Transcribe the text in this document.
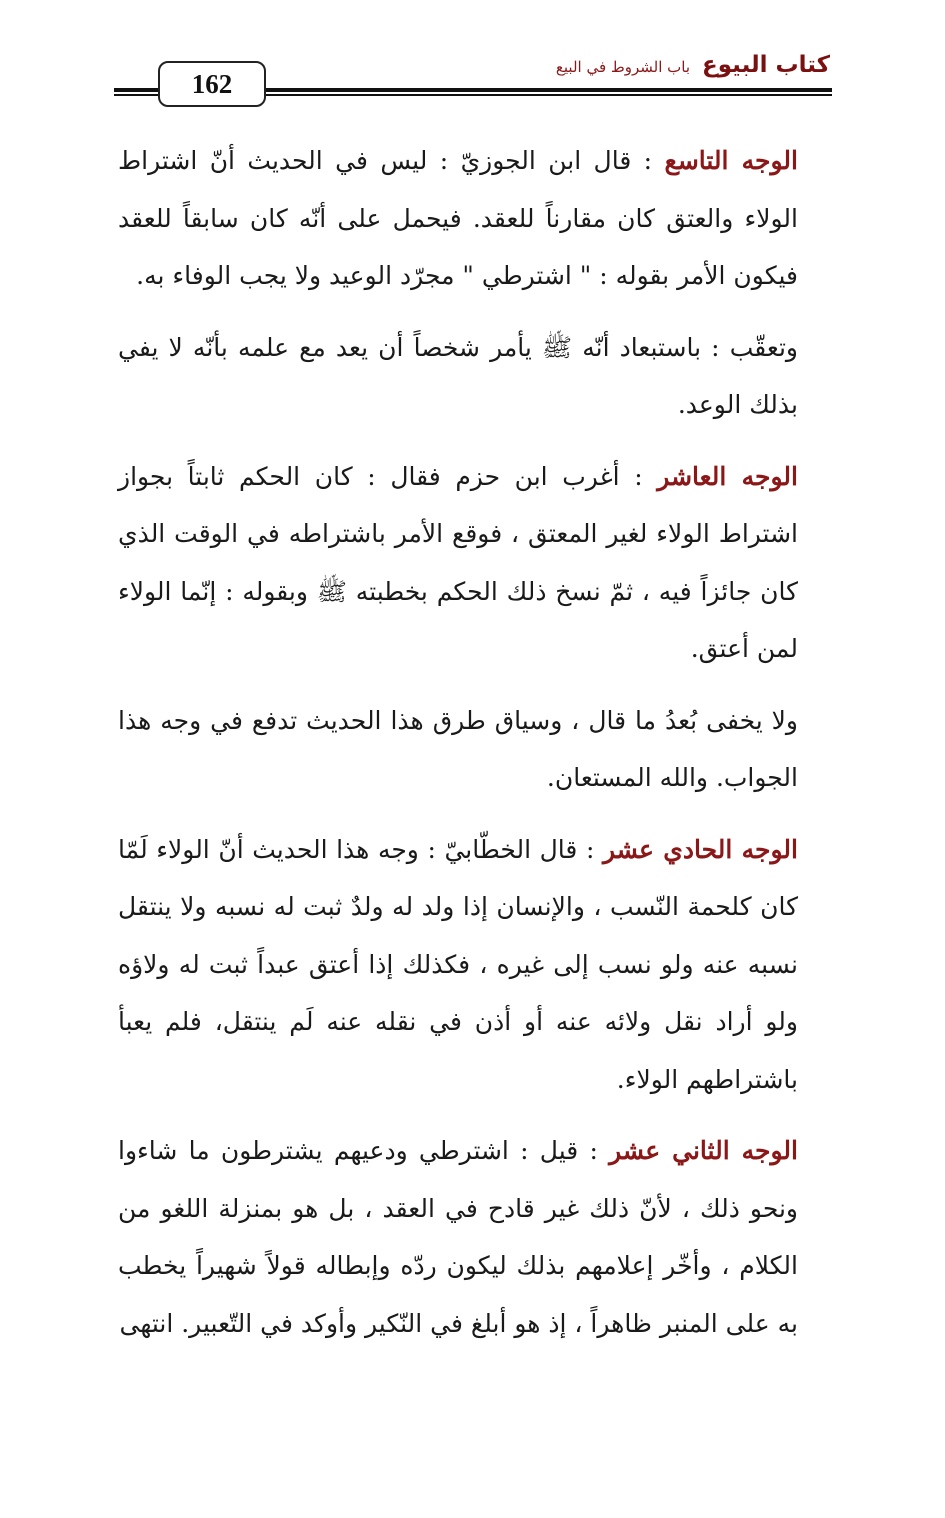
162
كتاب البيوع
باب الشروط في البيع

الوجه التاسع : قال ابن الجوزيّ : ليس في الحديث أنّ اشتراط الولاء والعتق كان مقارناً للعقد. فيحمل على أنّه كان سابقاً للعقد فيكون الأمر بقوله : " اشترطي " مجرّد الوعيد ولا يجب الوفاء به.

وتعقّب : باستبعاد أنّه ﷺ يأمر شخصاً أن يعد مع علمه بأنّه لا يفي بذلك الوعد.

الوجه العاشر : أغرب ابن حزم فقال : كان الحكم ثابتاً بجواز اشتراط الولاء لغير المعتق ، فوقع الأمر باشتراطه في الوقت الذي كان جائزاً فيه ، ثمّ نسخ ذلك الحكم بخطبته ﷺ وبقوله : إنّما الولاء لمن أعتق.

ولا يخفى بُعدُ ما قال ، وسياق طرق هذا الحديث تدفع في وجه هذا الجواب. والله المستعان.

الوجه الحادي عشر : قال الخطّابيّ : وجه هذا الحديث أنّ الولاء لَمّا كان كلحمة النّسب ، والإنسان إذا ولد له ولدٌ ثبت له نسبه ولا ينتقل نسبه عنه ولو نسب إلى غيره ، فكذلك إذا أعتق عبداً ثبت له ولاؤه ولو أراد نقل ولائه عنه أو أذن في نقله عنه لَم ينتقل، فلم يعبأ باشتراطهم الولاء.

الوجه الثاني عشر : قيل : اشترطي ودعيهم يشترطون ما شاءوا ونحو ذلك ، لأنّ ذلك غير قادح في العقد ، بل هو بمنزلة اللغو من الكلام ، وأخّر إعلامهم بذلك ليكون ردّه وإبطاله قولاً شهيراً يخطب به على المنبر ظاهراً ، إذ هو أبلغ في النّكير وأوكد في التّعبير. انتهى
